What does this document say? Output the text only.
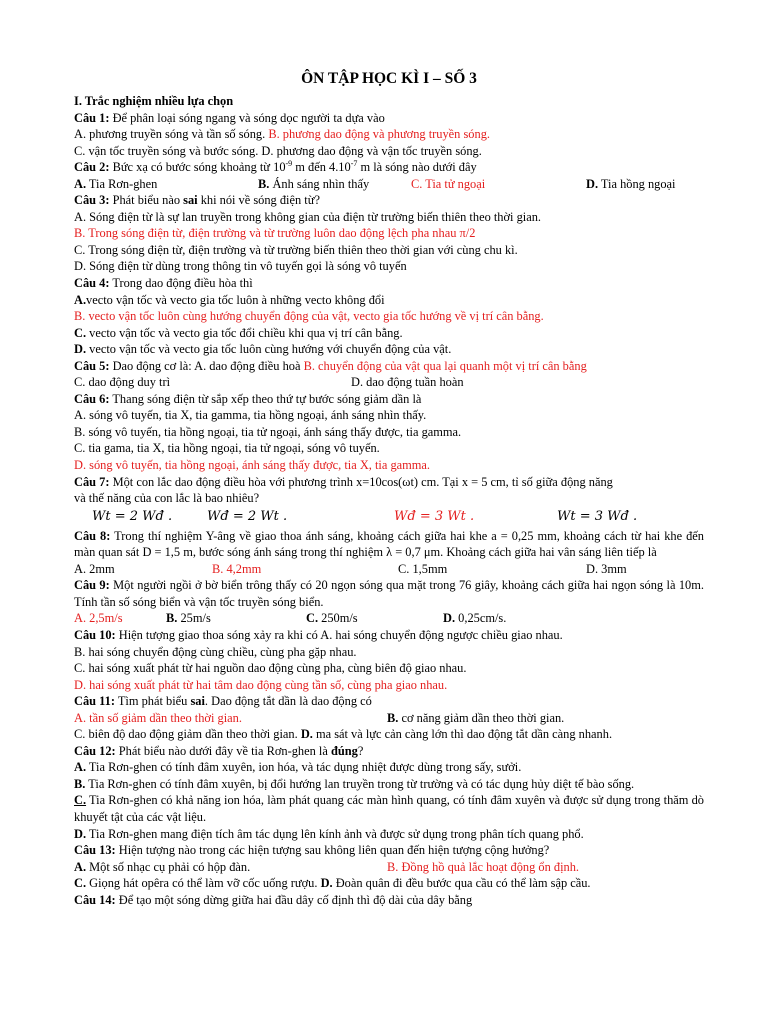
ÔN TẬP HỌC KÌ I – SỐ 3
I. Trắc nghiệm nhiều lựa chọn
Câu 1: Để phân loại sóng ngang và sóng dọc người ta dựa vào
A. phương truyền sóng và tần số sóng. B. phương dao động và phương truyền sóng.
C. vận tốc truyền sóng và bước sóng. D. phương dao động và vận tốc truyền sóng.
Câu 2: Bức xạ có bước sóng khoảng từ $10^{-9}$ m đến $4.10^{-7}$ m là sóng nào dưới đây
A. Tia Rơn-ghen	B. Ánh sáng nhìn thấy	C. Tia tử ngoại	D. Tia hồng ngoại
Câu 3: Phát biểu nào sai khi nói về sóng điện từ?
A. Sóng điện từ là sự lan truyền trong không gian của điện từ trường biến thiên theo thời gian.
B. Trong sóng điện từ, điện trường và từ trường luôn dao động lệch pha nhau π/2
C. Trong sóng điện từ, điện trường và từ trường biến thiên theo thời gian với cùng chu kì.
D. Sóng điện từ dùng trong thông tin vô tuyến gọi là sóng vô tuyến
Câu 4: Trong dao động điều hòa thì
A.vecto vận tốc và vecto gia tốc luôn à những vecto không đổi
B. vecto vận tốc luôn cùng hướng chuyển động của vật, vecto gia tốc hướng về vị trí cân bằng.
C. vecto vận tốc và vecto gia tốc đổi chiều khi qua vị trí cân bằng.
D. vecto vận tốc và vecto gia tốc luôn cùng hướng với chuyển động của vật.
Câu 5: Dao động cơ là: A. dao động điều hoà B. chuyển động của vật qua lại quanh một vị trí cân bằng
C. dao động duy trì	D. dao động tuần hoàn
Câu 6: Thang sóng điện từ sắp xếp theo thứ tự bước sóng giảm dần là
A. sóng vô tuyến, tia X, tia gamma, tia hồng ngoại, ánh sáng nhìn thấy.
B. sóng vô tuyến, tia hồng ngoại, tia tử ngoại, ánh sáng thấy được, tia gamma.
C. tia gama, tia X, tia hồng ngoại, tia tử ngoại, sóng vô tuyến.
D. sóng vô tuyến, tia hồng ngoại, ánh sáng thấy được, tia X, tia gamma.
Câu 7: Một con lắc dao động điều hòa với phương trình x=10cos(ωt) cm. Tại x = 5 cm, tỉ số giữa động năng
và thế năng của con lắc là bao nhiêu?
Wt = 2 Wđ .	Wđ = 2 Wt .	Wđ = 3 Wt .	Wt = 3 Wđ .
Câu 8: Trong thí nghiệm Y-âng về giao thoa ánh sáng, khoảng cách giữa hai khe a = 0,25 mm, khoảng cách từ hai khe đến màn quan sát D = 1,5 m, bước sóng ánh sáng trong thí nghiệm λ = 0,7 μm. Khoảng cách giữa hai vân sáng liên tiếp là
A. 2mm	B. 4,2mm	C. 1,5mm	D. 3mm
Câu 9: Một người ngồi ở bờ biển trông thấy có 20 ngọn sóng qua mặt trong 76 giây, khoảng cách giữa hai ngọn sóng là 10m. Tính tần số sóng biển và vận tốc truyền sóng biển.
A. 2,5m/s	B. 25m/s	C. 250m/s	D. 0,25cm/s.
Câu 10: Hiện tượng giao thoa sóng xảy ra khi có A. hai sóng chuyển động ngược chiều giao nhau.
B. hai sóng chuyển động cùng chiều, cùng pha gặp nhau.
C. hai sóng xuất phát từ hai nguồn dao động cùng pha, cùng biên độ giao nhau.
D. hai sóng xuất phát từ hai tâm dao động cùng tần số, cùng pha giao nhau.
Câu 11: Tìm phát biểu sai. Dao động tắt dần là dao động có
A. tần số giảm dần theo thời gian.	B. cơ năng giảm dần theo thời gian.
C. biên độ dao động giảm dần theo thời gian. D. ma sát và lực cản càng lớn thì dao động tắt dần càng nhanh.
Câu 12: Phát biểu nào dưới đây về tia Rơn-ghen là đúng?
A. Tia Rơn-ghen có tính đâm xuyên, ion hóa, và tác dụng nhiệt được dùng trong sấy, sưởi.
B. Tia Rơn-ghen có tính đâm xuyên, bị đổi hướng lan truyền trong từ trường và có tác dụng hủy diệt tế bào sống.
C. Tia Rơn-ghen có khả năng ion hóa, làm phát quang các màn hình quang, có tính đâm xuyên và được sử dụng trong thăm dò khuyết tật của các vật liệu.
D. Tia Rơn-ghen mang điện tích âm tác dụng lên kính ảnh và được sử dụng trong phân tích quang phổ.
Câu 13: Hiện tượng nào trong các hiện tượng sau không liên quan đến hiện tượng cộng hưởng?
A. Một số nhạc cụ phải có hộp đàn.	B. Đồng hồ quả lắc hoạt động ổn định.
C. Giọng hát opêra có thể làm vỡ cốc uống rượu. D. Đoàn quân đi đều bước qua cầu có thể làm sập cầu.
Câu 14: Để tạo một sóng dừng giữa hai đầu dây cố định thì độ dài của dây bằng
